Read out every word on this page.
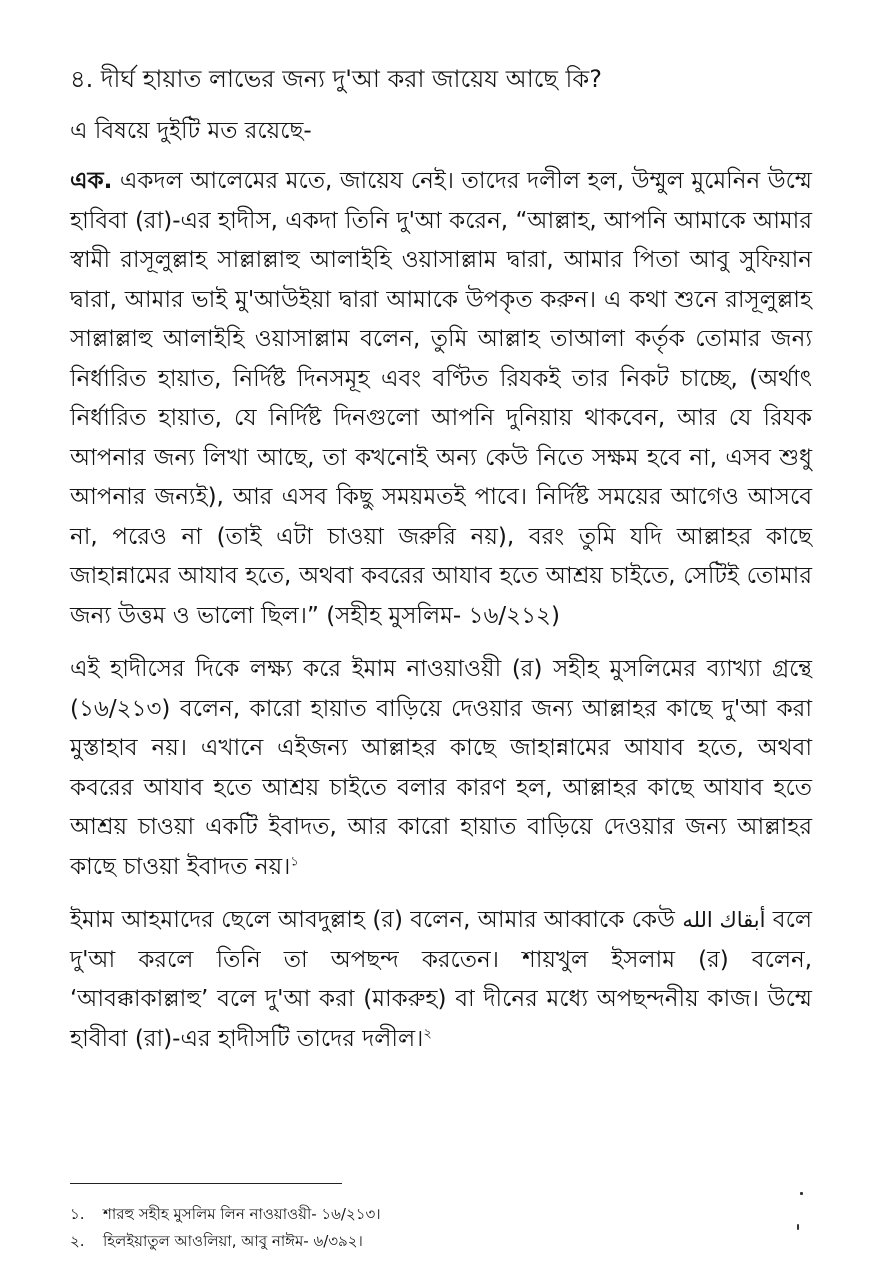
৪. দীর্ঘ হায়াত লাভের জন্য দু'আ করা জায়েয আছে কি?

এ বিষয়ে দুইটি মত রয়েছে-

এক. একদল আলেমের মতে, জায়েয নেই। তাদের দলীল হল, উম্মুল মুমেনিন উম্মে হাবিবা (রা)-এর হাদীস, একদা তিনি দু'আ করেন, “আল্লাহ, আপনি আমাকে আমার স্বামী রাসূলুল্লাহ সাল্লাল্লাহু আলাইহি ওয়াসাল্লাম দ্বারা, আমার পিতা আবু সুফিয়ান দ্বারা, আমার ভাই মু'আউইয়া দ্বারা আমাকে উপকৃত করুন। এ কথা শুনে রাসূলুল্লাহ সাল্লাল্লাহু আলাইহি ওয়াসাল্লাম বলেন, তুমি আল্লাহ তাআলা কর্তৃক তোমার জন্য নির্ধারিত হায়াত, নির্দিষ্ট দিনসমূহ এবং বণ্টিত রিযকই তার নিকট চাচ্ছে, (অর্থাৎ নির্ধারিত হায়াত, যে নির্দিষ্ট দিনগুলো আপনি দুনিয়ায় থাকবেন, আর যে রিযক আপনার জন্য লিখা আছে, তা কখনোই অন্য কেউ নিতে সক্ষম হবে না, এসব শুধু আপনার জন্যই), আর এসব কিছু সময়মতই পাবে। নির্দিষ্ট সময়ের আগেও আসবে না, পরেও না (তাই এটা চাওয়া জরুরি নয়), বরং তুমি যদি আল্লাহর কাছে জাহান্নামের আযাব হতে, অথবা কবরের আযাব হতে আশ্রয় চাইতে, সেটিই তোমার জন্য উত্তম ও ভালো ছিল।” (সহীহ মুসলিম- ১৬/২১২)

এই হাদীসের দিকে লক্ষ্য করে ইমাম নাওয়াওয়ী (র) সহীহ মুসলিমের ব্যাখ্যা গ্রন্থে (১৬/২১৩) বলেন, কারো হায়াত বাড়িয়ে দেওয়ার জন্য আল্লাহর কাছে দু'আ করা মুস্তাহাব নয়। এখানে এইজন্য আল্লাহর কাছে জাহান্নামের আযাব হতে, অথবা কবরের আযাব হতে আশ্রয় চাইতে বলার কারণ হল, আল্লাহর কাছে আযাব হতে আশ্রয় চাওয়া একটি ইবাদত, আর কারো হায়াত বাড়িয়ে দেওয়ার জন্য আল্লাহর কাছে চাওয়া ইবাদত নয়।$^১$

ইমাম আহমাদের ছেলে আবদুল্লাহ (র) বলেন, আমার আব্বাকে কেউ أبقاك الله বলে দু'আ করলে তিনি তা অপছন্দ করতেন। শায়খুল ইসলাম (র) বলেন, ‘আবক্কাকাল্লাহু’ বলে দু'আ করা (মাকরুহ) বা দীনের মধ্যে অপছন্দনীয় কাজ। উম্মে হাবীবা (রা)-এর হাদীসটি তাদের দলীল।$^২$

১. শারহু সহীহ মুসলিম লিন নাওয়াওয়ী- ১৬/২১৩।
২. হিলইয়াতুল আওলিয়া, আবু নাঈম- ৬/৩৯২।
